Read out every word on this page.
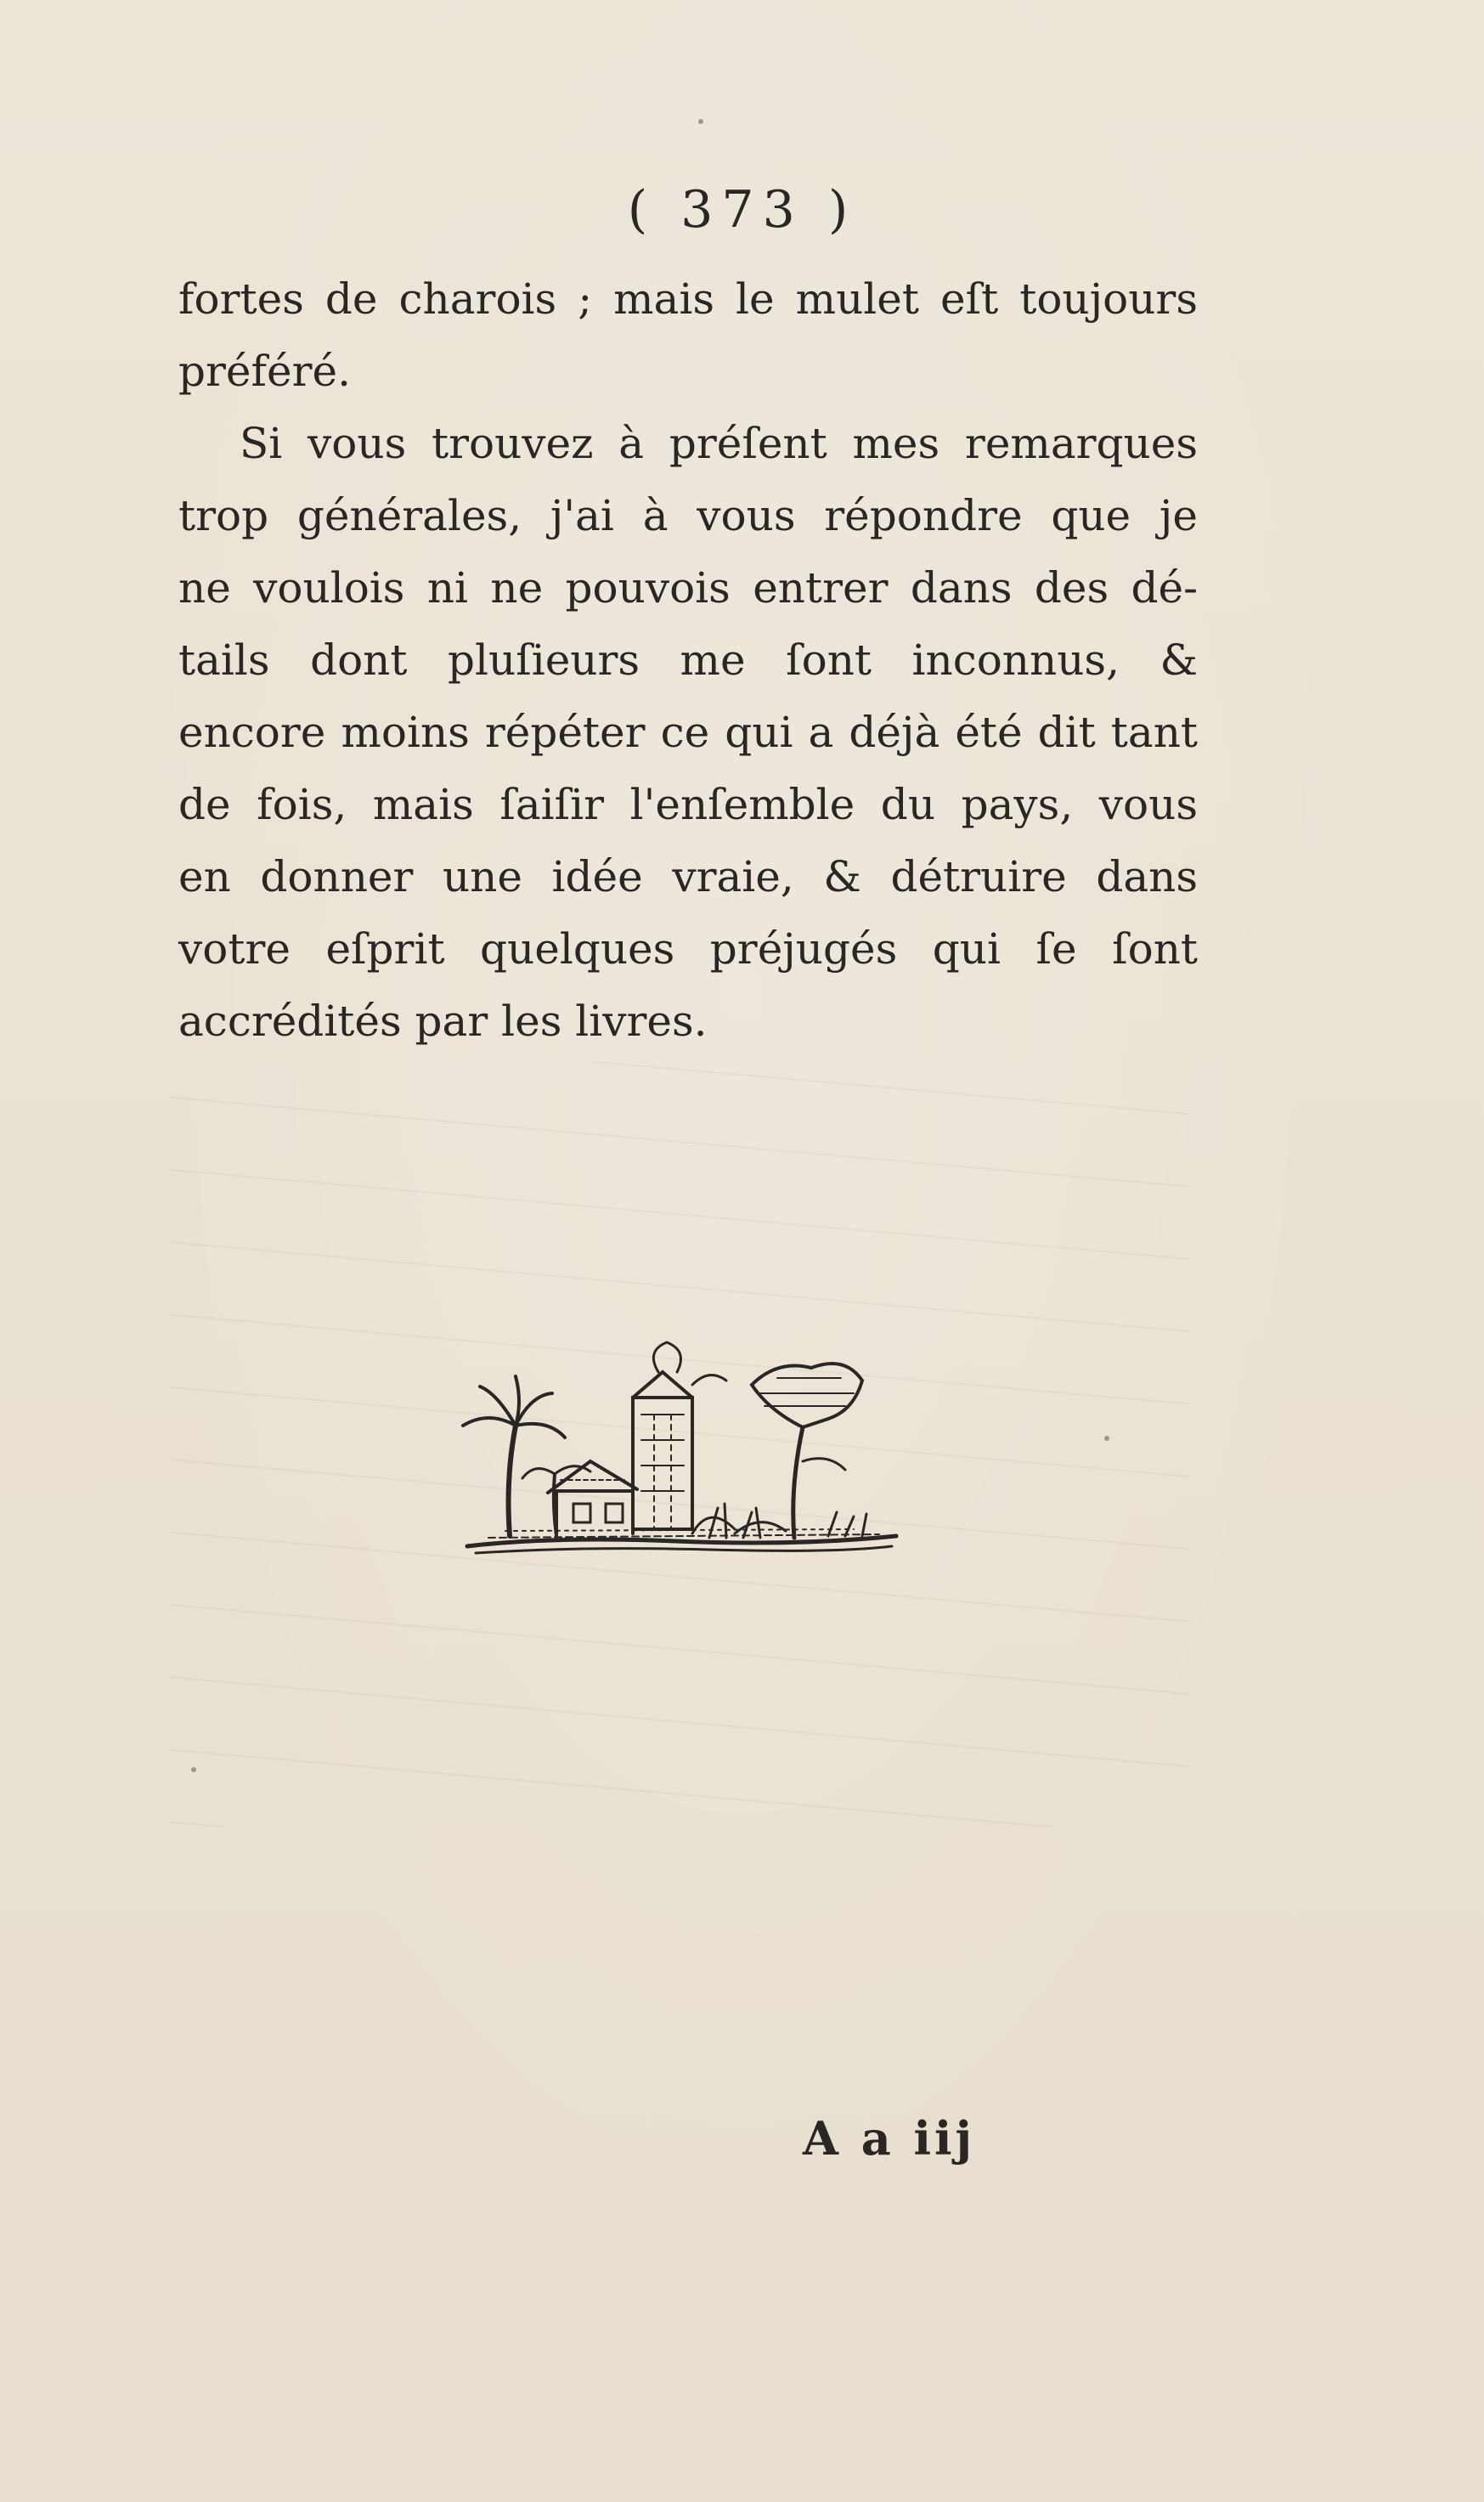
( 373 )
fortes de charois ; mais le mulet eſt toujours
préféré.
Si vous trouvez à préſent mes remarques
trop générales, j'ai à vous répondre que je
ne voulois ni ne pouvois entrer dans des dé-
tails dont pluſieurs me ſont inconnus, &
encore moins répéter ce qui a déjà été dit tant
de fois, mais ſaiſir l'enſemble du pays, vous
en donner une idée vraie, & détruire dans
votre eſprit quelques préjugés qui ſe ſont
accrédités par les livres.
A a iij
